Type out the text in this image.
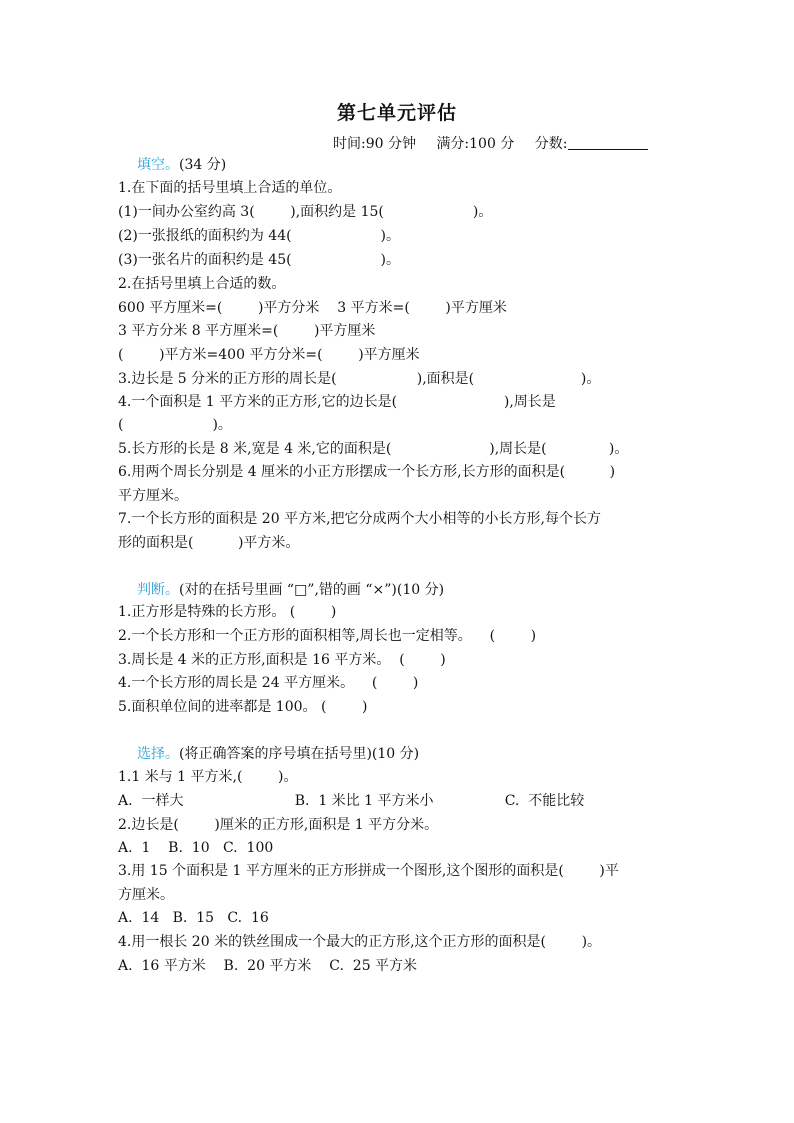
第七单元评估
时间:90 分钟 满分:100 分 分数:
填空。(34 分)
1.在下面的括号里填上合适的单位。
(1)一间办公室约高 3(        ),面积约是 15(                    )。
(2)一张报纸的面积约为 44(                    )。
(3)一张名片的面积约是 45(                    )。
2.在括号里填上合适的数。
600 平方厘米=(        )平方分米    3 平方米=(        )平方厘米
3 平方分米 8 平方厘米=(        )平方厘米
(        )平方米=400 平方分米=(        )平方厘米
3.边长是 5 分米的正方形的周长是(                  ),面积是(                        )。
4.一个面积是 1 平方米的正方形,它的边长是(                        ),周长是
(                    )。
5.长方形的长是 8 米,宽是 4 米,它的面积是(                      ),周长是(              )。
6.用两个周长分别是 4 厘米的小正方形摆成一个长方形,长方形的面积是(          )
平方厘米。
7.一个长方形的面积是 20 平方米,把它分成两个大小相等的小长方形,每个长方
形的面积是(          )平方米。
判断。(对的在括号里画 “□”,错的画 “×”)(10 分)
1.正方形是特殊的长方形。 (        )
2.一个长方形和一个正方形的面积相等,周长也一定相等。    (        )
3.周长是 4 米的正方形,面积是 16 平方米。  (        )
4.一个长方形的周长是 24 平方厘米。    (        )
5.面积单位间的进率都是 100。 (        )
选择。(将正确答案的序号填在括号里)(10 分)
1.1 米与 1 平方米,(        )。
A.  一样大                         B.  1 米比 1 平方米小                C.  不能比较
2.边长是(        )厘米的正方形,面积是 1 平方分米。
A.  1    B.  10   C.  100
3.用 15 个面积是 1 平方厘米的正方形拼成一个图形,这个图形的面积是(        )平
方厘米。
A.  14   B.  15   C.  16
4.用一根长 20 米的铁丝围成一个最大的正方形,这个正方形的面积是(        )。
A.  16 平方米    B.  20 平方米    C.  25 平方米
